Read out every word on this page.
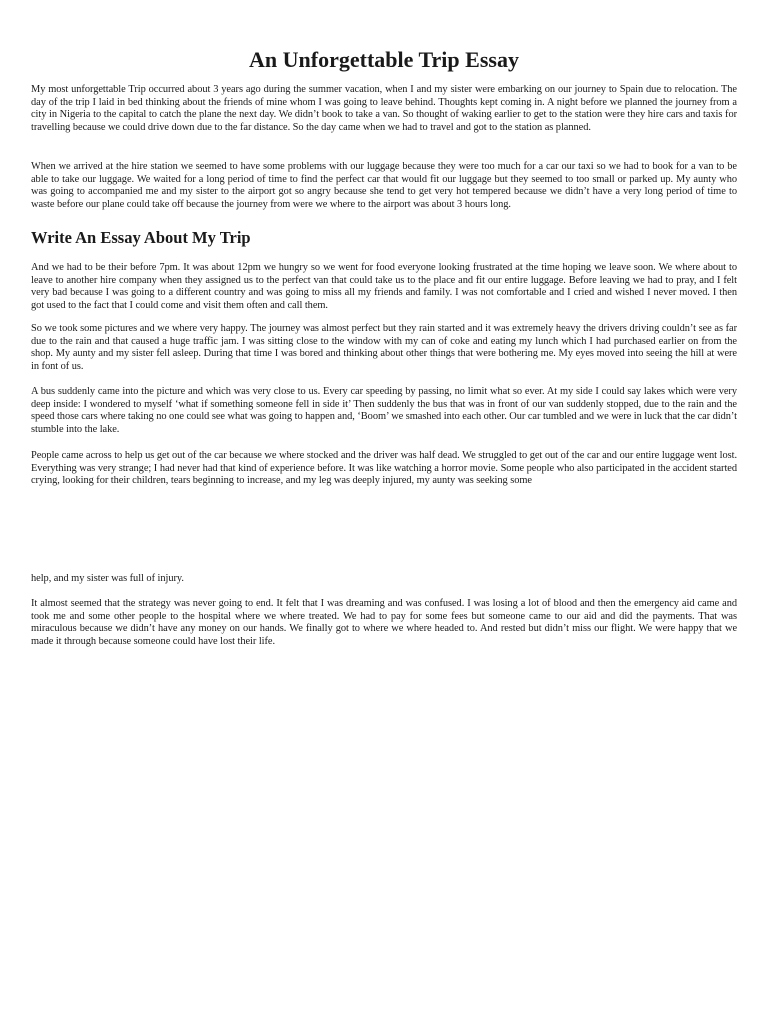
An Unforgettable Trip Essay

My most unforgettable Trip occurred about 3 years ago during the summer vacation, when I and my sister were embarking on our journey to Spain due to relocation. The day of the trip I laid in bed thinking about the friends of mine whom I was going to leave behind. Thoughts kept coming in. A night before we planned the journey from a city in Nigeria to the capital to catch the plane the next day. We didn’t book to take a van. So thought of waking earlier to get to the station were they hire cars and taxis for travelling because we could drive down due to the far distance. So the day came when we had to travel and got to the station as planned.

When we arrived at the hire station we seemed to have some problems with our luggage because they were too much for a car our taxi so we had to book for a van to be able to take our luggage. We waited for a long period of time to find the perfect car that would fit our luggage but they seemed to too small or parked up. My aunty who was going to accompanied me and my sister to the airport got so angry because she tend to get very hot tempered because we didn’t have a very long period of time to waste before our plane could take off because the journey from were we where to the airport was about 3 hours long.

Write An Essay About My Trip

And we had to be their before 7pm. It was about 12pm we hungry so we went for food everyone looking frustrated at the time hoping we leave soon. We where about to leave to another hire company when they assigned us to the perfect van that could take us to the place and fit our entire luggage. Before leaving we had to pray, and I felt very bad because I was going to a different country and was going to miss all my friends and family. I was not comfortable and I cried and wished I never moved. I then got used to the fact that I could come and visit them often and call them.

So we took some pictures and we where very happy. The journey was almost perfect but they rain started and it was extremely heavy the drivers driving couldn’t see as far due to the rain and that caused a huge traffic jam. I was sitting close to the window with my can of coke and eating my lunch which I had purchased earlier on from the shop. My aunty and my sister fell asleep. During that time I was bored and thinking about other things that were bothering me. My eyes moved into seeing the hill at were in font of us.

A bus suddenly came into the picture and which was very close to us. Every car speeding by passing, no limit what so ever. At my side I could say lakes which were very deep inside: I wondered to myself ‘what if something someone fell in side it’ Then suddenly the bus that was in front of our van suddenly stopped, due to the rain and the speed those cars where taking no one could see what was going to happen and, ‘Boom’ we smashed into each other. Our car tumbled and we were in luck that the car didn’t stumble into the lake.

People came across to help us get out of the car because we where stocked and the driver was half dead. We struggled to get out of the car and our entire luggage went lost. Everything was very strange; I had never had that kind of experience before. It was like watching a horror movie. Some people who also participated in the accident started crying, looking for their children, tears beginning to increase, and my leg was deeply injured, my aunty was seeking some

help, and my sister was full of injury.

It almost seemed that the strategy was never going to end. It felt that I was dreaming and was confused. I was losing a lot of blood and then the emergency aid came and took me and some other people to the hospital where we where treated. We had to pay for some fees but someone came to our aid and did the payments. That was miraculous because we didn’t have any money on our hands. We finally got to where we where headed to. And rested but didn’t miss our flight. We were happy that we made it through because someone could have lost their life.
